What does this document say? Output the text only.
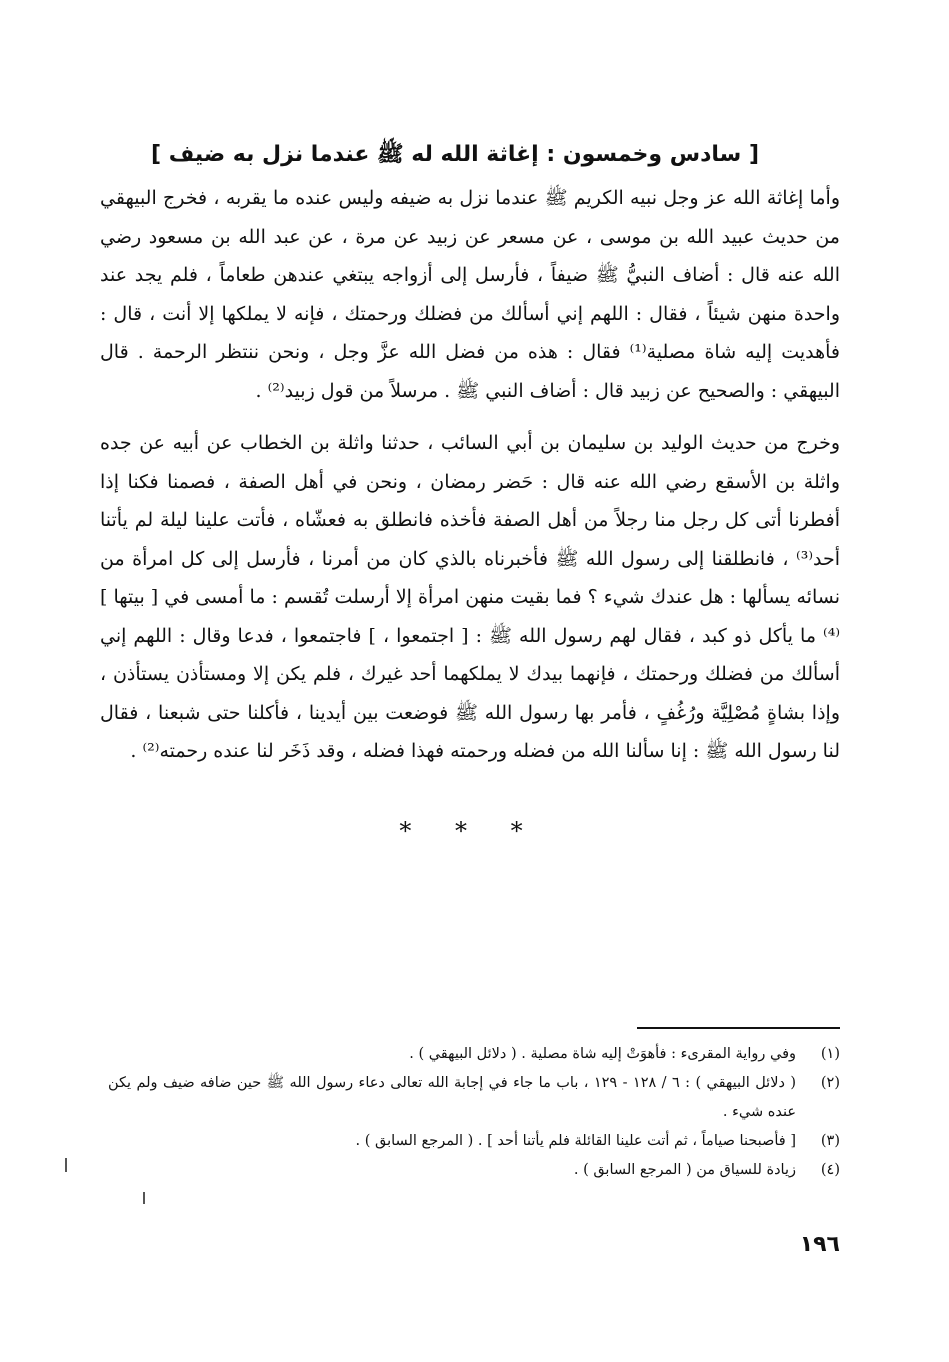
[ سادس وخمسون : إغاثة الله له ﷺ عندما نزل به ضيف ]

وأما إغاثة الله عز وجل نبيه الكريم ﷺ عندما نزل به ضيفه وليس عنده ما يقربه ، فخرج البيهقي من حديث عبيد الله بن موسى ، عن مسعر عن زبيد عن مرة ، عن عبد الله بن مسعود رضي الله عنه قال : أضاف النبيُّ ﷺ ضيفاً ، فأرسل إلى أزواجه يبتغي عندهن طعاماً ، فلم يجد عند واحدة منهن شيئاً ، فقال : اللهم إني أسألك من فضلك ورحمتك ، فإنه لا يملكها إلا أنت ، قال : فأهديت إليه شاة مصلية⁽¹⁾ فقال : هذه من فضل الله عزَّ وجل ، ونحن ننتظر الرحمة . قال البيهقي : والصحيح عن زبيد قال : أضاف النبي ﷺ . مرسلاً من قول زبيد⁽²⁾ .

وخرج من حديث الوليد بن سليمان بن أبي السائب ، حدثنا واثلة بن الخطاب عن أبيه عن جده واثلة بن الأسقع رضي الله عنه قال : حَضر رمضان ، ونحن في أهل الصفة ، فصمنا فكنا إذا أفطرنا أتى كل رجل منا رجلاً من أهل الصفة فأخذه فانطلق به فعشّاه ، فأتت علينا ليلة لم يأتنا أحد⁽³⁾ ، فانطلقنا إلى رسول الله ﷺ فأخبرناه بالذي كان من أمرنا ، فأرسل إلى كل امرأة من نسائه يسألها : هل عندك شيء ؟ فما بقيت منهن امرأة إلا أرسلت تُقسم : ما أمسى في [ بيتها ]⁽⁴⁾ ما يأكل ذو كبد ، فقال لهم رسول الله ﷺ : [ اجتمعوا ، ] فاجتمعوا ، فدعا وقال : اللهم إني أسألك من فضلك ورحمتك ، فإنهما بيدك لا يملكهما أحد غيرك ، فلم يكن إلا ومستأذن يستأذن ، وإذا بشاةٍ مُصْلِيَّة ورُغُفٍ ، فأمر بها رسول الله ﷺ فوضعت بين أيدينا ، فأكلنا حتى شبعنا ، فقال لنا رسول الله ﷺ : إنا سألنا الله من فضله ورحمته فهذا فضله ، وقد ذَخَر لنا عنده رحمته⁽²⁾ .

* * *
(١)
وفي رواية المقرىء : فأهوَتْ إليه شاة مصلية . ( دلائل البيهقي ) .
(٢)
( دلائل البيهقي ) : ٦ / ١٢٨ - ١٢٩ ، باب ما جاء في إجابة الله تعالى دعاء رسول الله ﷺ حين ضافه ضيف ولم يكن عنده شيء .
(٣)
[ فأصبحنا صياماً ، ثم أتت علينا القائلة فلم يأتنا أحد ] . ( المرجع السابق ) .
(٤)
زيادة للسياق من ( المرجع السابق ) .
١٩٦
